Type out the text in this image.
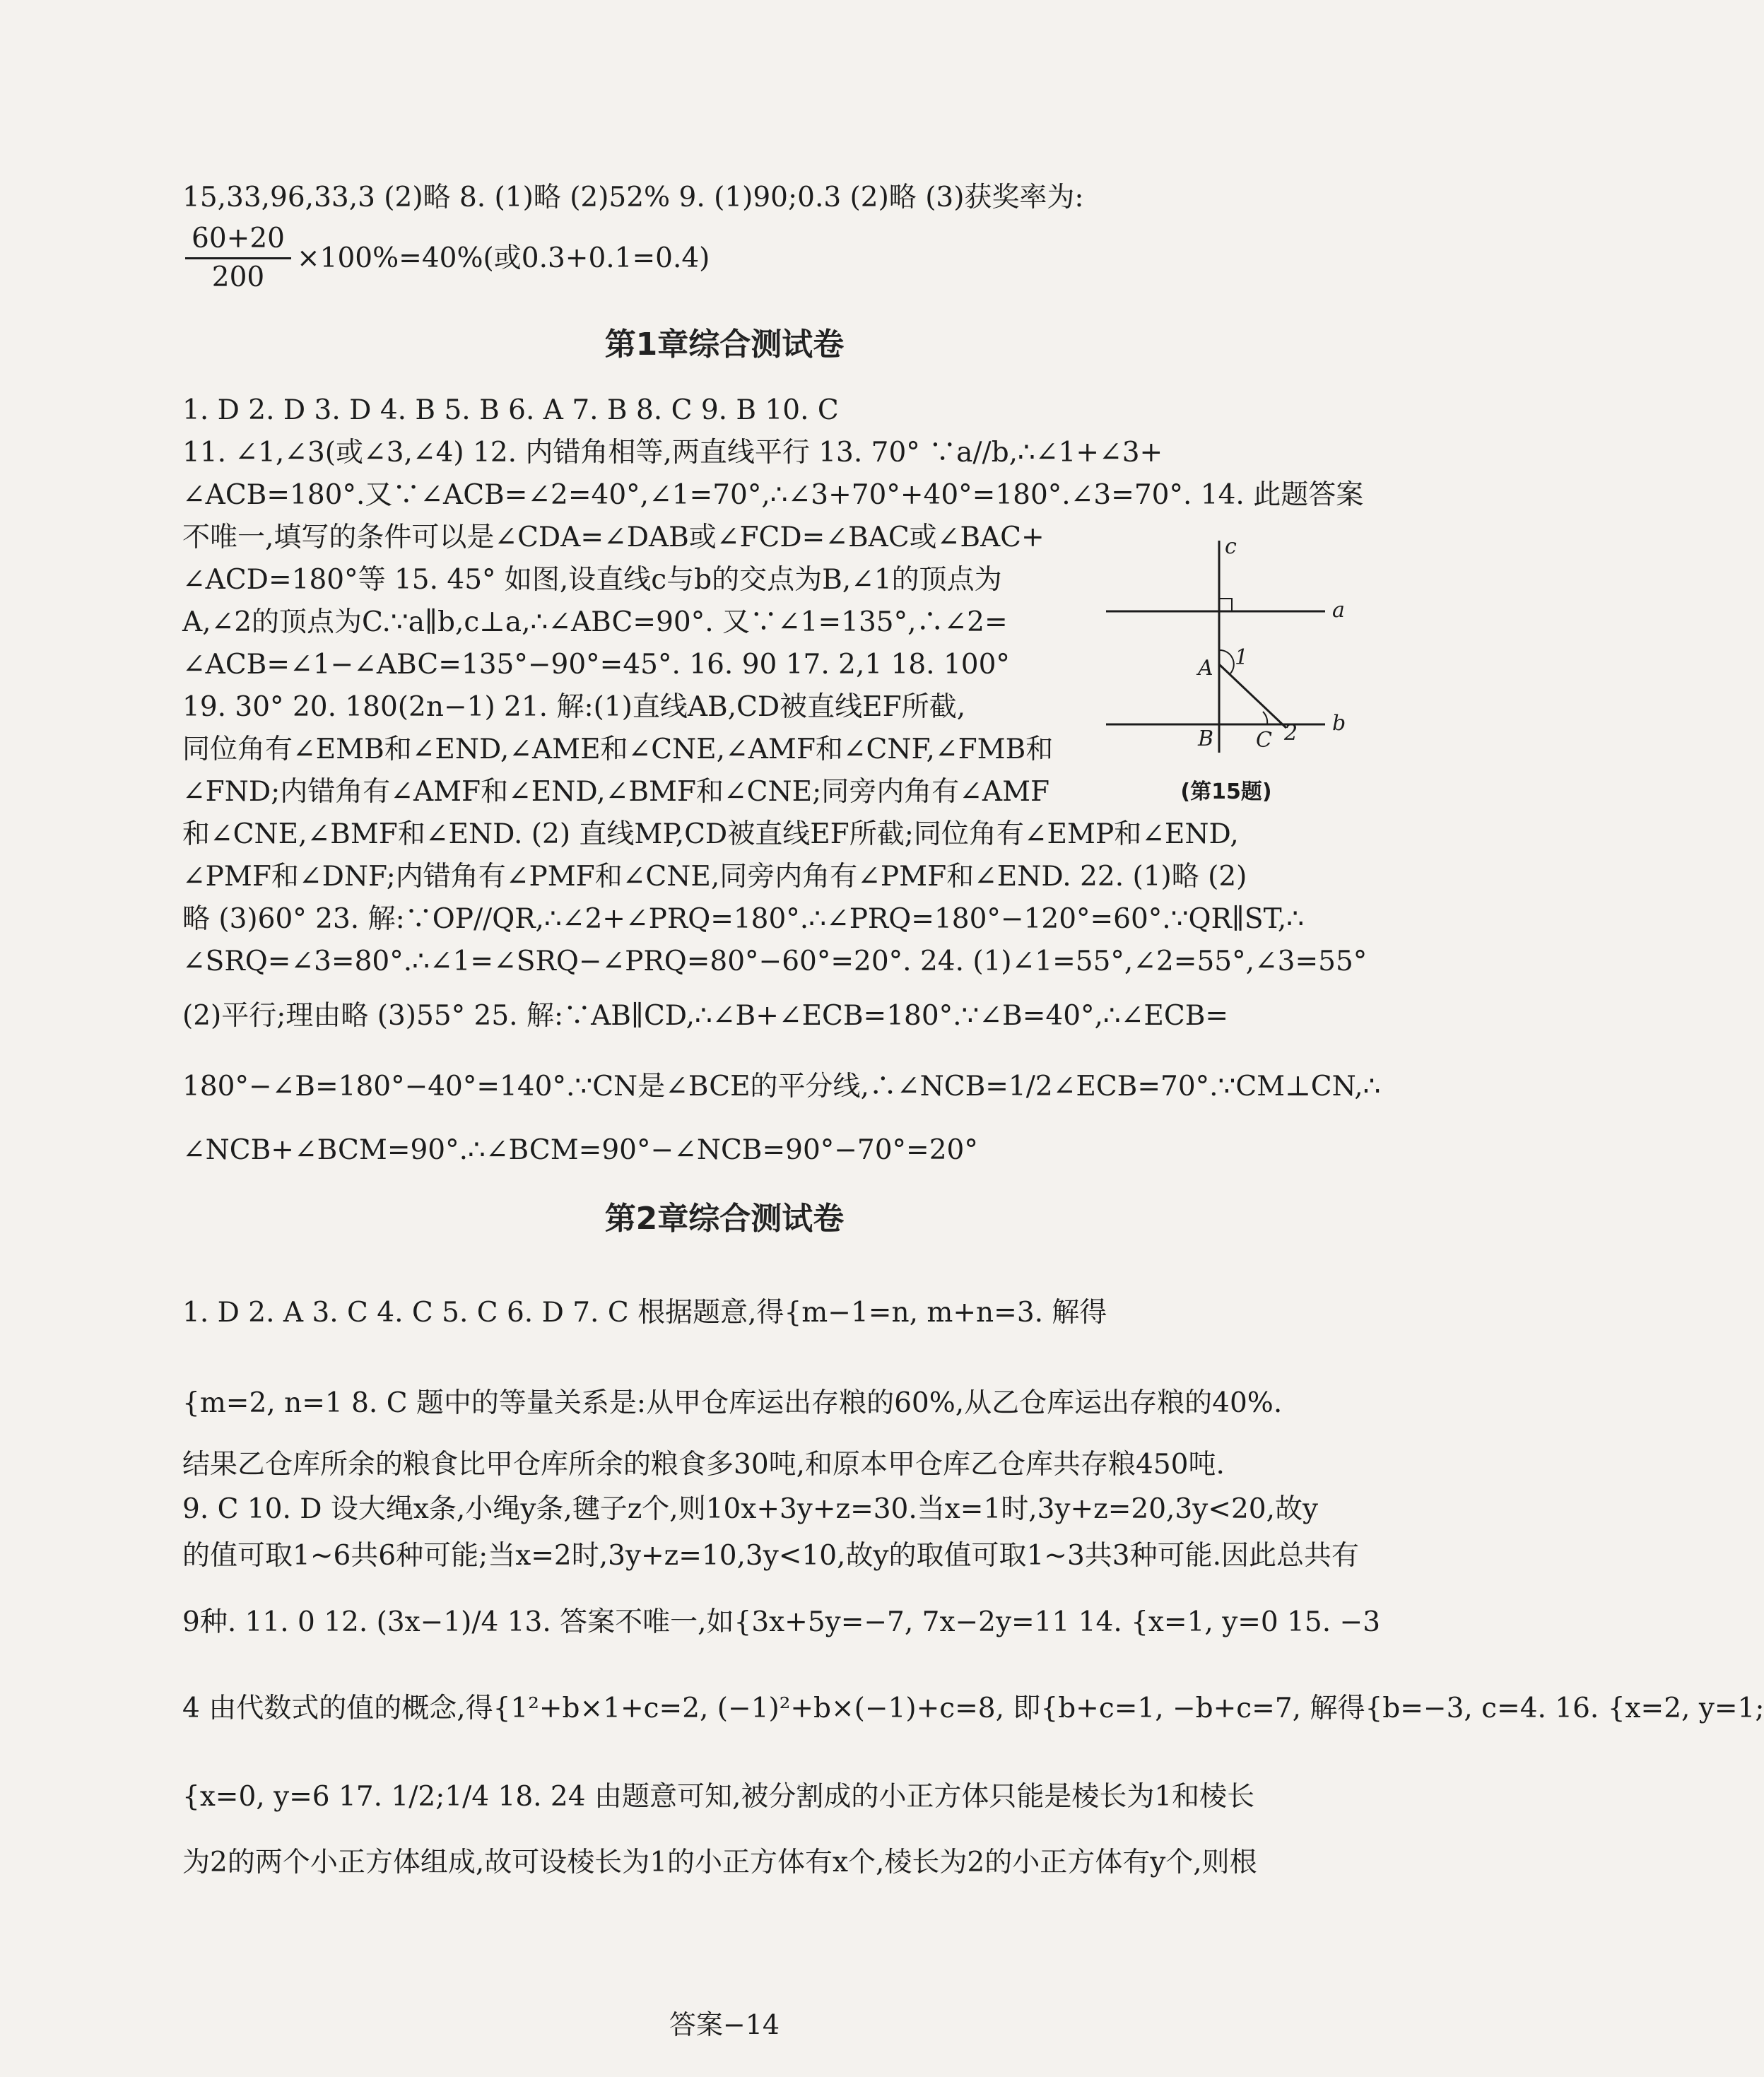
15,33,96,33,3 (2)略 8. (1)略 (2)52% 9. (1)90;0.3 (2)略 (3)获奖率为:
$\frac{60+20}{200} \times 100\%=40\%$(或0.3+0.1=0.4)
第1章综合测试卷
1. D 2. D 3. D 4. B 5. B 6. A 7. B 8. C 9. B 10. C
11. ∠1,∠3(或∠3,∠4) 12. 内错角相等,两直线平行 13. 70° ∵a//b,∴∠1+∠3+
∠ACB=180°.又∵∠ACB=∠2=40°,∠1=70°,∴∠3+70°+40°=180°.∠3=70°. 14. 此题答案
不唯一,填写的条件可以是∠CDA=∠DAB或∠FCD=∠BAC或∠BAC+
∠ACD=180°等 15. 45° 如图,设直线c与b的交点为B,∠1的顶点为
A,∠2的顶点为C.∵a∥b,c⊥a,∴∠ABC=90°. 又∵∠1=135°,∴∠2=
∠ACB=∠1−∠ABC=135°−90°=45°. 16. 90 17. 2,1 18. 100°
19. 30° 20. 180(2n−1) 21. 解:(1)直线AB,CD被直线EF所截,
同位角有∠EMB和∠END,∠AME和∠CNE,∠AMF和∠CNF,∠FMB和
∠FND;内错角有∠AMF和∠END,∠BMF和∠CNE;同旁内角有∠AMF
和∠CNE,∠BMF和∠END. (2) 直线MP,CD被直线EF所截;同位角有∠EMP和∠END,
∠PMF和∠DNF;内错角有∠PMF和∠CNE,同旁内角有∠PMF和∠END. 22. (1)略 (2)
略 (3)60° 23. 解:∵OP//QR,∴∠2+∠PRQ=180°.∴∠PRQ=180°−120°=60°.∵QR∥ST,∴
∠SRQ=∠3=80°.∴∠1=∠SRQ−∠PRQ=80°−60°=20°. 24. (1)∠1=55°,∠2=55°,∠3=55°
(2)平行;理由略 (3)55° 25. 解:∵AB∥CD,∴∠B+∠ECB=180°.∵∠B=40°,∴∠ECB=
180°−∠B=180°−40°=140°.∵CN是∠BCE的平分线,∴∠NCB=1/2∠ECB=70°.∵CM⊥CN,∴
∠NCB+∠BCM=90°.∴∠BCM=90°−∠NCB=90°−70°=20°
c
a
b
A
B C
1
2
(第15题)
第2章综合测试卷
1. D 2. A 3. C 4. C 5. C 6. D 7. C 根据题意,得{m−1=n, m+n=3. 解得
{m=2, n=1 8. C 题中的等量关系是:从甲仓库运出存粮的60%,从乙仓库运出存粮的40%.
结果乙仓库所余的粮食比甲仓库所余的粮食多30吨,和原本甲仓库乙仓库共存粮450吨.
9. C 10. D 设大绳x条,小绳y条,毽子z个,则10x+3y+z=30.当x=1时,3y+z=20,3y<20,故y
的值可取1~6共6种可能;当x=2时,3y+z=10,3y<10,故y的取值可取1~3共3种可能.因此总共有
9种. 11. 0 12. (3x−1)/4 13. 答案不唯一,如{3x+5y=−7, 7x−2y=11 14. {x=1, y=0 15. −3
4 由代数式的值的概念,得{1²+b×1+c=2, (−1)²+b×(−1)+c=8, 即{b+c=1, −b+c=7, 解得{b=−3, c=4. 16. {x=2, y=1;
{x=0, y=6 17. 1/2;1/4 18. 24 由题意可知,被分割成的小正方体只能是棱长为1和棱长
为2的两个小正方体组成,故可设棱长为1的小正方体有x个,棱长为2的小正方体有y个,则根
答案−14
